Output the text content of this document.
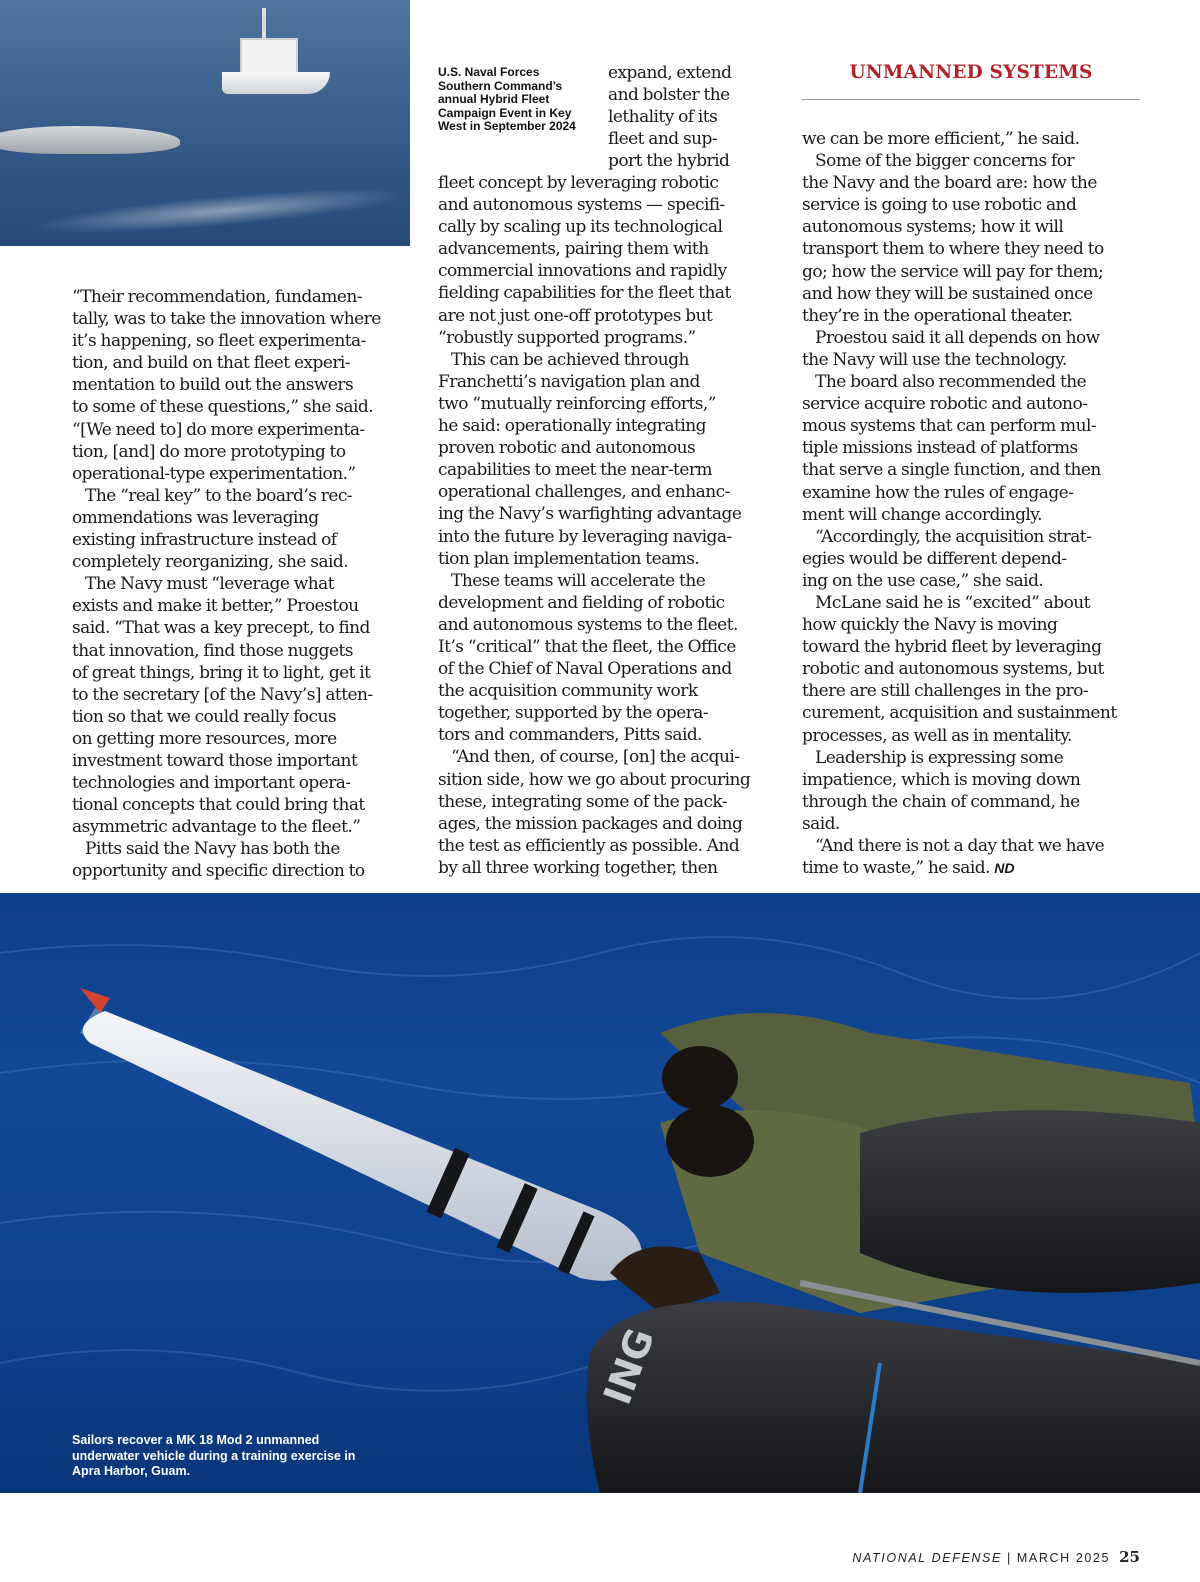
U.S. Naval Forces Southern Command’s annual Hybrid Fleet Campaign Event in Key West in September 2024
UNMANNED SYSTEMS
“Their recommendation, fundamen-
tally, was to take the innovation where
it’s happening, so fleet experimenta-
tion, and build on that fleet experi-
mentation to build out the answers
to some of these questions,” she said.
“[We need to] do more experimenta-
tion, [and] do more prototyping to
operational-type experimentation.”
The “real key” to the board’s rec-
ommendations was leveraging
existing infrastructure instead of
completely reorganizing, she said.
The Navy must “leverage what
exists and make it better,” Proestou
said. “That was a key precept, to find
that innovation, find those nuggets
of great things, bring it to light, get it
to the secretary [of the Navy’s] atten-
tion so that we could really focus
on getting more resources, more
investment toward those important
technologies and important opera-
tional concepts that could bring that
asymmetric advantage to the fleet.”
Pitts said the Navy has both the
opportunity and specific direction to
expand, extend
and bolster the
lethality of its
fleet and sup-
port the hybrid
fleet concept by leveraging robotic
and autonomous systems — specifi-
cally by scaling up its technological
advancements, pairing them with
commercial innovations and rapidly
fielding capabilities for the fleet that
are not just one-off prototypes but
“robustly supported programs.”
This can be achieved through
Franchetti’s navigation plan and
two “mutually reinforcing efforts,”
he said: operationally integrating
proven robotic and autonomous
capabilities to meet the near-term
operational challenges, and enhanc-
ing the Navy’s warfighting advantage
into the future by leveraging naviga-
tion plan implementation teams.
These teams will accelerate the
development and fielding of robotic
and autonomous systems to the fleet.
It’s “critical” that the fleet, the Office
of the Chief of Naval Operations and
the acquisition community work
together, supported by the opera-
tors and commanders, Pitts said.
“And then, of course, [on] the acqui-
sition side, how we go about procuring
these, integrating some of the pack-
ages, the mission packages and doing
the test as efficiently as possible. And
by all three working together, then
we can be more efficient,” he said.
Some of the bigger concerns for
the Navy and the board are: how the
service is going to use robotic and
autonomous systems; how it will
transport them to where they need to
go; how the service will pay for them;
and how they will be sustained once
they’re in the operational theater.
Proestou said it all depends on how
the Navy will use the technology.
The board also recommended the
service acquire robotic and autono-
mous systems that can perform mul-
tiple missions instead of platforms
that serve a single function, and then
examine how the rules of engage-
ment will change accordingly.
“Accordingly, the acquisition strat-
egies would be different depend-
ing on the use case,” she said.
McLane said he is “excited” about
how quickly the Navy is moving
toward the hybrid fleet by leveraging
robotic and autonomous systems, but
there are still challenges in the pro-
curement, acquisition and sustainment
processes, as well as in mentality.
Leadership is expressing some
impatience, which is moving down
through the chain of command, he
said.
“And there is not a day that we have
time to waste,” he said. ND
ING
Sailors recover a MK 18 Mod 2 unmanned underwater vehicle during a training exercise in Apra Harbor, Guam.
NATIONAL DEFENSE | MARCH 2025 25
